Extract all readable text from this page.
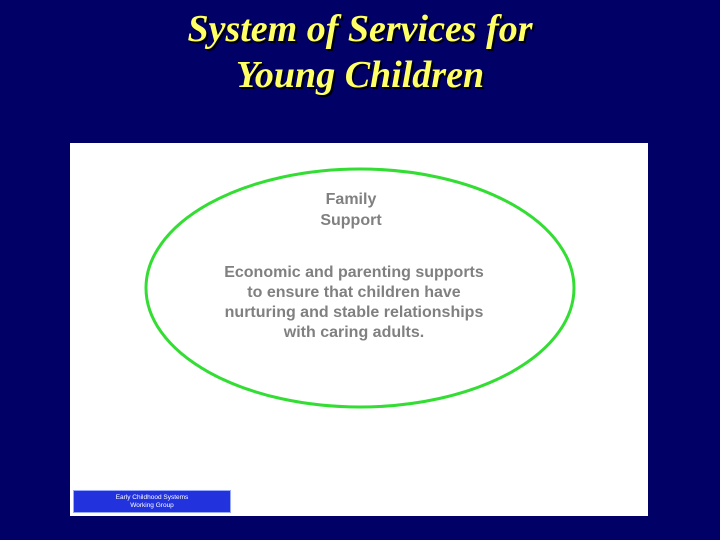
System of Services for
Young Children
Family
Support
Economic and parenting supports
to ensure that children have
nurturing and stable relationships
with caring adults.
Early Childhood Systems
Working Group
